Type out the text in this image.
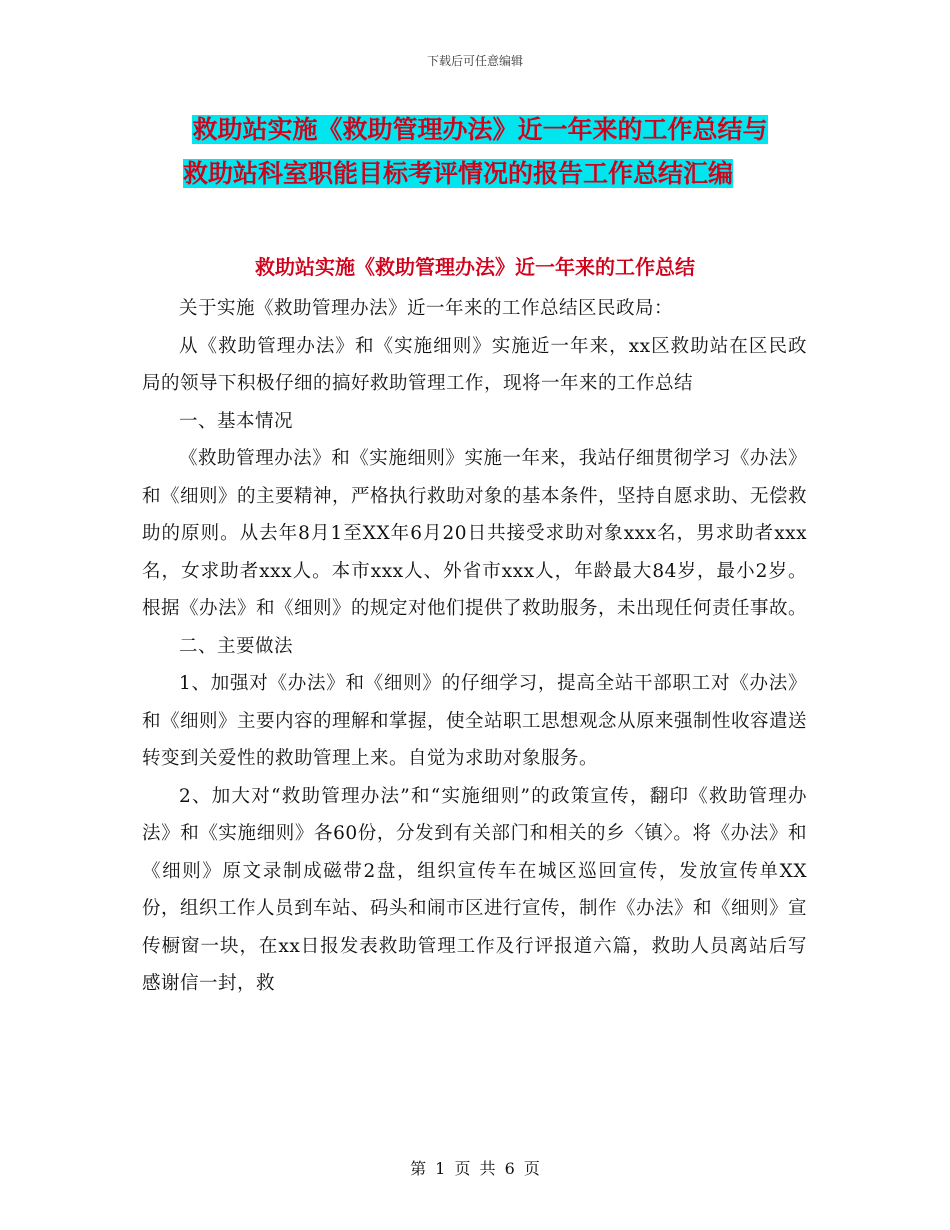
下载后可任意编辑
救助站实施《救助管理办法》近一年来的工作总结与
救助站科室职能目标考评情况的报告工作总结汇编
救助站实施《救助管理办法》近一年来的工作总结

关于实施《救助管理办法》近一年来的工作总结区民政局：

从《救助管理办法》和《实施细则》实施近一年来，xx区救助站在区民政局的领导下积极仔细的搞好救助管理工作，现将一年来的工作总结

一、基本情况

《救助管理办法》和《实施细则》实施一年来，我站仔细贯彻学习《办法》和《细则》的主要精神，严格执行救助对象的基本条件，坚持自愿求助、无偿救助的原则。从去年8月1至XX年6月20日共接受求助对象xxx名，男求助者xxx名，女求助者xxx人。本市xxx人、外省市xxx人，年龄最大84岁，最小2岁。根据《办法》和《细则》的规定对他们提供了救助服务，未出现任何责任事故。

二、主要做法

1、加强对《办法》和《细则》的仔细学习，提高全站干部职工对《办法》和《细则》主要内容的理解和掌握，使全站职工思想观念从原来强制性收容遣送转变到关爱性的救助管理上来。自觉为求助对象服务。

2、加大对“救助管理办法”和“实施细则”的政策宣传，翻印《救助管理办法》和《实施细则》各60份，分发到有关部门和相关的乡〈镇〉。将《办法》和《细则》原文录制成磁带2盘，组织宣传车在城区巡回宣传，发放宣传单XX份，组织工作人员到车站、码头和闹市区进行宣传，制作《办法》和《细则》宣传橱窗一块，在xx日报发表救助管理工作及行评报道六篇，救助人员离站后写感谢信一封，救

第 1 页 共 6 页
